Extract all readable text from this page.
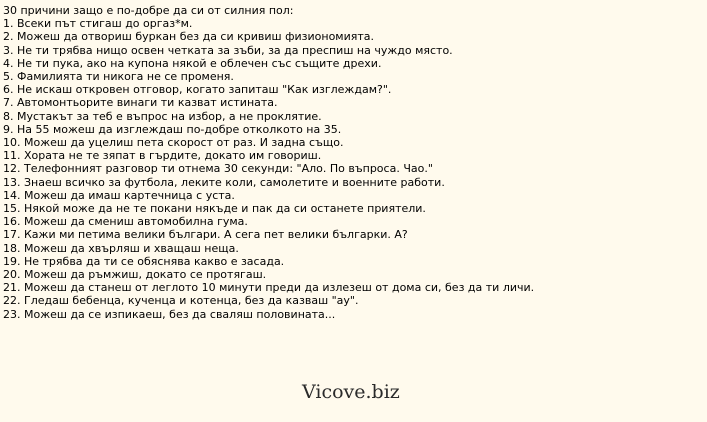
30 причини защо е по-добре да си от силния пол:
1. Всеки път стигаш до оргаз*м.
2. Можеш да отвориш буркан без да си кривиш физиономията.
3. Не ти трябва нищо освен четката за зъби, за да преспиш на чуждо място.
4. Не ти пука, ако на купона някой е облечен със същите дрехи.
5. Фамилията ти никога не се променя.
6. Не искаш откровен отговор, когато запиташ "Как изглеждам?".
7. Автомонтьорите винаги ти казват истината.
8. Мустакът за теб е въпрос на избор, а не проклятие.
9. На 55 можеш да изглеждаш по-добре отколкото на 35.
10. Можеш да уцелиш пета скорост от раз. И задна също.
11. Хората не те зяпат в гърдите, докато им говориш.
12. Телефонният разговор ти отнема 30 секунди: "Ало. По въпроса. Чао."
13. Знаеш всичко за футбола, леките коли, самолетите и военните работи.
14. Можеш да имаш картечница с уста.
15. Някой може да не те покани някъде и пак да си останете приятели.
16. Можеш да смениш автомобилна гума.
17. Кажи ми петима велики българи. А сега пет велики българки. А?
18. Можеш да хвърляш и хващаш неща.
19. Не трябва да ти се обяснява какво е засада.
20. Можеш да ръмжиш, докато се протягаш.
21. Можеш да станеш от леглото 10 минути преди да излезеш от дома си, без да ти личи.
22. Гледаш бебенца, кученца и котенца, без да казваш "ау".
23. Можеш да се изпикаеш, без да сваляш половината...
Vicove.biz
